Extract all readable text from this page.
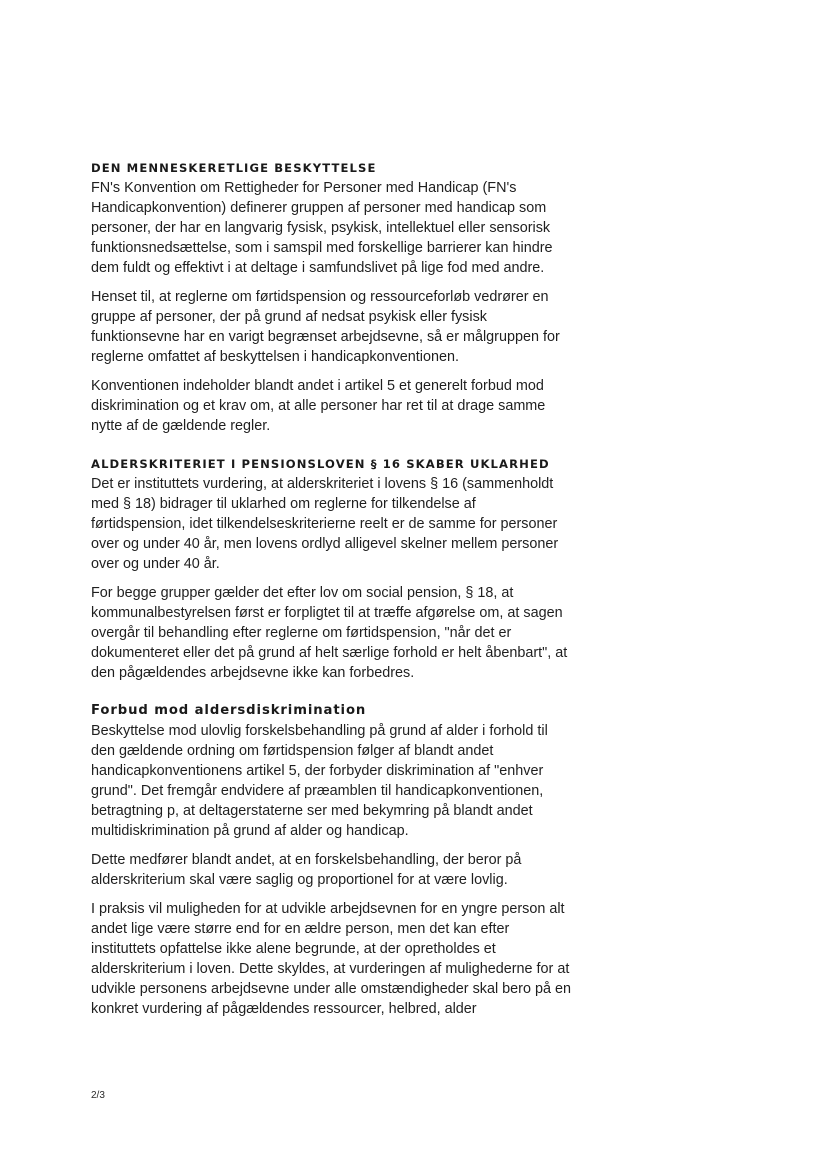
DEN MENNESKERETLIGE BESKYTTELSE

FN's Konvention om Rettigheder for Personer med Handicap (FN's Handicapkonvention) definerer gruppen af personer med handicap som personer, der har en langvarig fysisk, psykisk, intellektuel eller sensorisk funktionsnedsættelse, som i samspil med forskellige barrierer kan hindre dem fuldt og effektivt i at deltage i samfundslivet på lige fod med andre.

Henset til, at reglerne om førtidspension og ressourceforløb vedrører en gruppe af personer, der på grund af nedsat psykisk eller fysisk funktionsevne har en varigt begrænset arbejdsevne, så er målgruppen for reglerne omfattet af beskyttelsen i handicapkonventionen.

Konventionen indeholder blandt andet i artikel 5 et generelt forbud mod diskrimination og et krav om, at alle personer har ret til at drage samme nytte af de gældende regler.

ALDERSKRITERIET I PENSIONSLOVEN § 16 SKABER UKLARHED

Det er instituttets vurdering, at alderskriteriet i lovens § 16 (sammenholdt med § 18) bidrager til uklarhed om reglerne for tilkendelse af førtidspension, idet tilkendelseskriterierne reelt er de samme for personer over og under 40 år, men lovens ordlyd alligevel skelner mellem personer over og under 40 år.

For begge grupper gælder det efter lov om social pension, § 18, at kommunalbestyrelsen først er forpligtet til at træffe afgørelse om, at sagen overgår til behandling efter reglerne om førtidspension, "når det er dokumenteret eller det på grund af helt særlige forhold er helt åbenbart", at den pågældendes arbejdsevne ikke kan forbedres.

Forbud mod aldersdiskrimination

Beskyttelse mod ulovlig forskelsbehandling på grund af alder i forhold til den gældende ordning om førtidspension følger af blandt andet handicapkonventionens artikel 5, der forbyder diskrimination af "enhver grund". Det fremgår endvidere af præamblen til handicapkonventionen, betragtning p, at deltagerstaterne ser med bekymring på blandt andet multidiskrimination på grund af alder og handicap.

Dette medfører blandt andet, at en forskelsbehandling, der beror på alderskriterium skal være saglig og proportionel for at være lovlig.

I praksis vil muligheden for at udvikle arbejdsevnen for en yngre person alt andet lige være større end for en ældre person, men det kan efter instituttets opfattelse ikke alene begrunde, at der opretholdes et alderskriterium i loven. Dette skyldes, at vurderingen af mulighederne for at udvikle personens arbejdsevne under alle omstændigheder skal bero på en konkret vurdering af pågældendes ressourcer, helbred, alder

2/3
